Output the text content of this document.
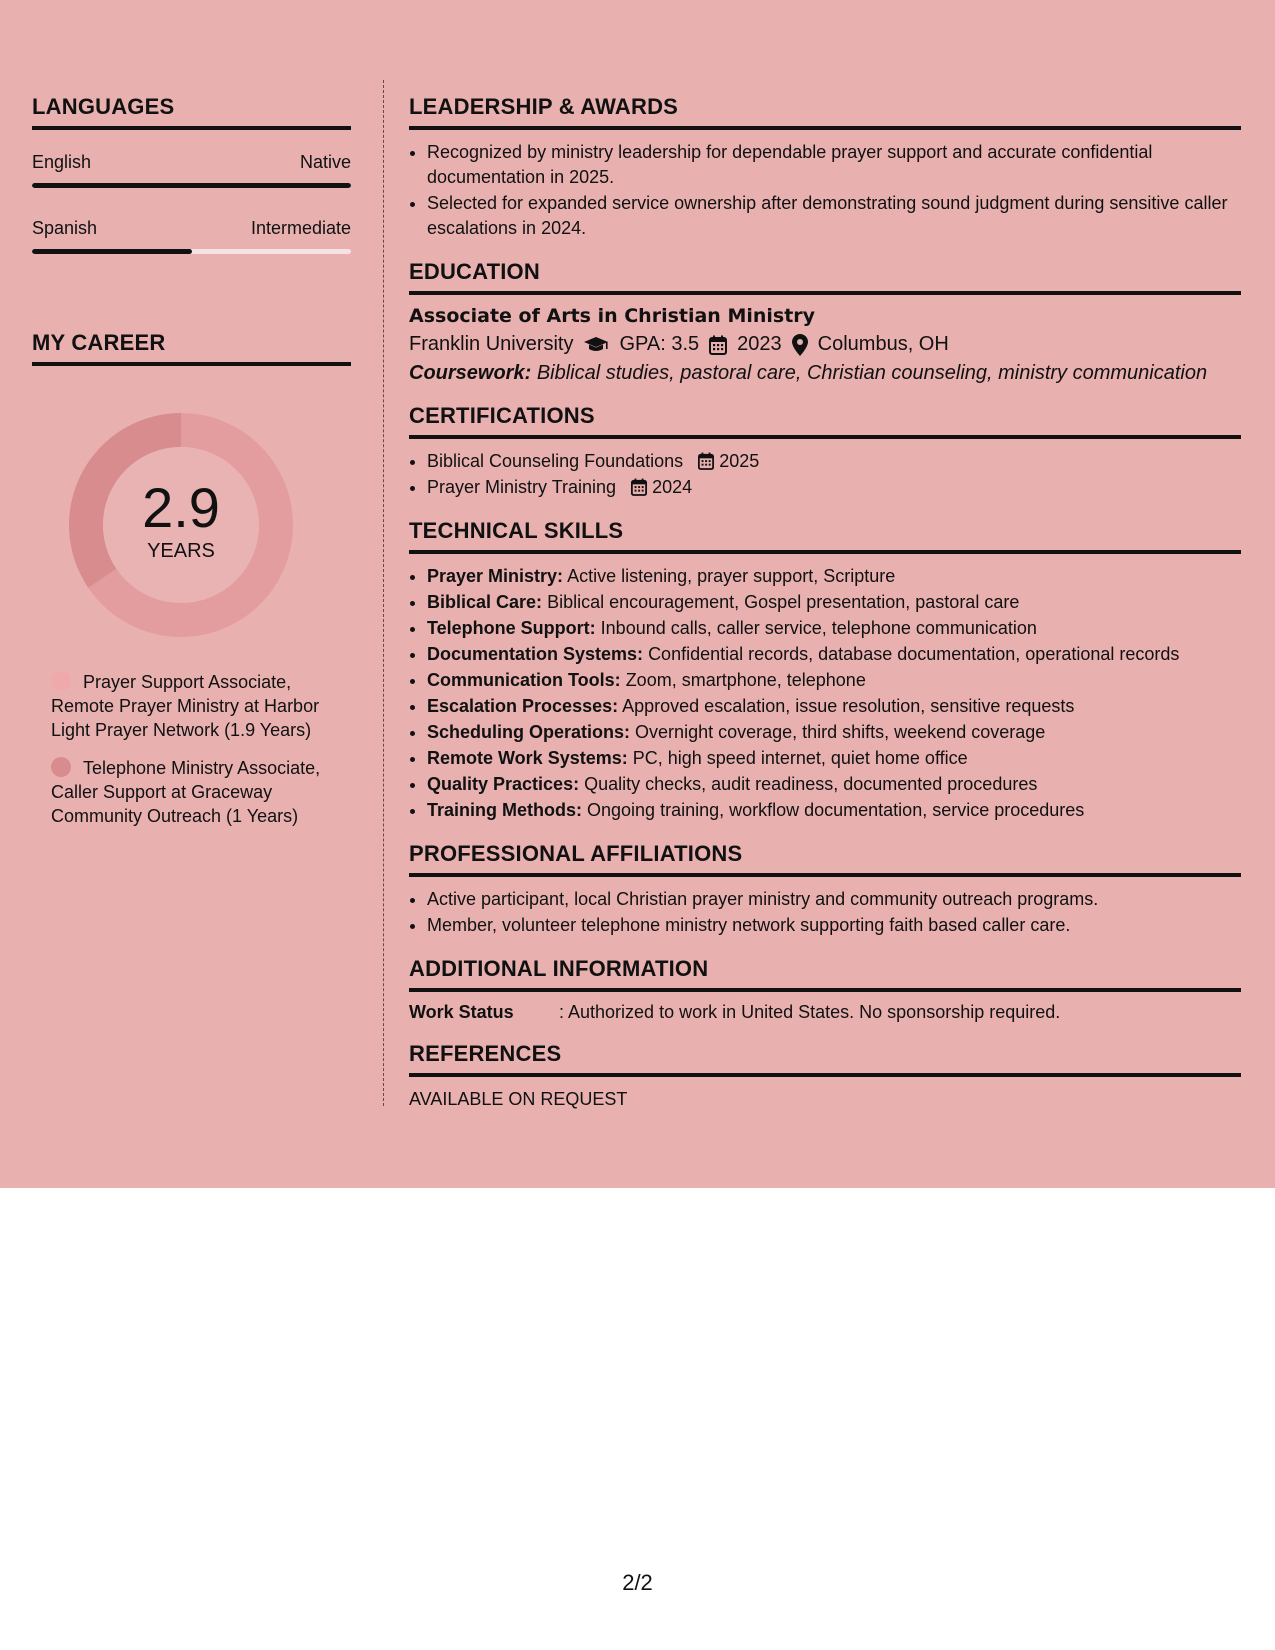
LANGUAGES
English	Native
Spanish	Intermediate
MY CAREER
2.9
YEARS
Prayer Support Associate, Remote Prayer Ministry at Harbor Light Prayer Network (1.9 Years)
Telephone Ministry Associate, Caller Support at Graceway Community Outreach (1 Years)
LEADERSHIP & AWARDS
• Recognized by ministry leadership for dependable prayer support and accurate confidential documentation in 2025.
• Selected for expanded service ownership after demonstrating sound judgment during sensitive caller escalations in 2024.
EDUCATION
Associate of Arts in Christian Ministry
Franklin University GPA: 3.5 2023 Columbus, OH
Coursework: Biblical studies, pastoral care, Christian counseling, ministry communication
CERTIFICATIONS
• Biblical Counseling Foundations 2025
• Prayer Ministry Training 2024
TECHNICAL SKILLS
• Prayer Ministry: Active listening, prayer support, Scripture
• Biblical Care: Biblical encouragement, Gospel presentation, pastoral care
• Telephone Support: Inbound calls, caller service, telephone communication
• Documentation Systems: Confidential records, database documentation, operational records
• Communication Tools: Zoom, smartphone, telephone
• Escalation Processes: Approved escalation, issue resolution, sensitive requests
• Scheduling Operations: Overnight coverage, third shifts, weekend coverage
• Remote Work Systems: PC, high speed internet, quiet home office
• Quality Practices: Quality checks, audit readiness, documented procedures
• Training Methods: Ongoing training, workflow documentation, service procedures
PROFESSIONAL AFFILIATIONS
• Active participant, local Christian prayer ministry and community outreach programs.
• Member, volunteer telephone ministry network supporting faith based caller care.
ADDITIONAL INFORMATION
Work Status	: Authorized to work in United States. No sponsorship required.
REFERENCES
AVAILABLE ON REQUEST
2/2
